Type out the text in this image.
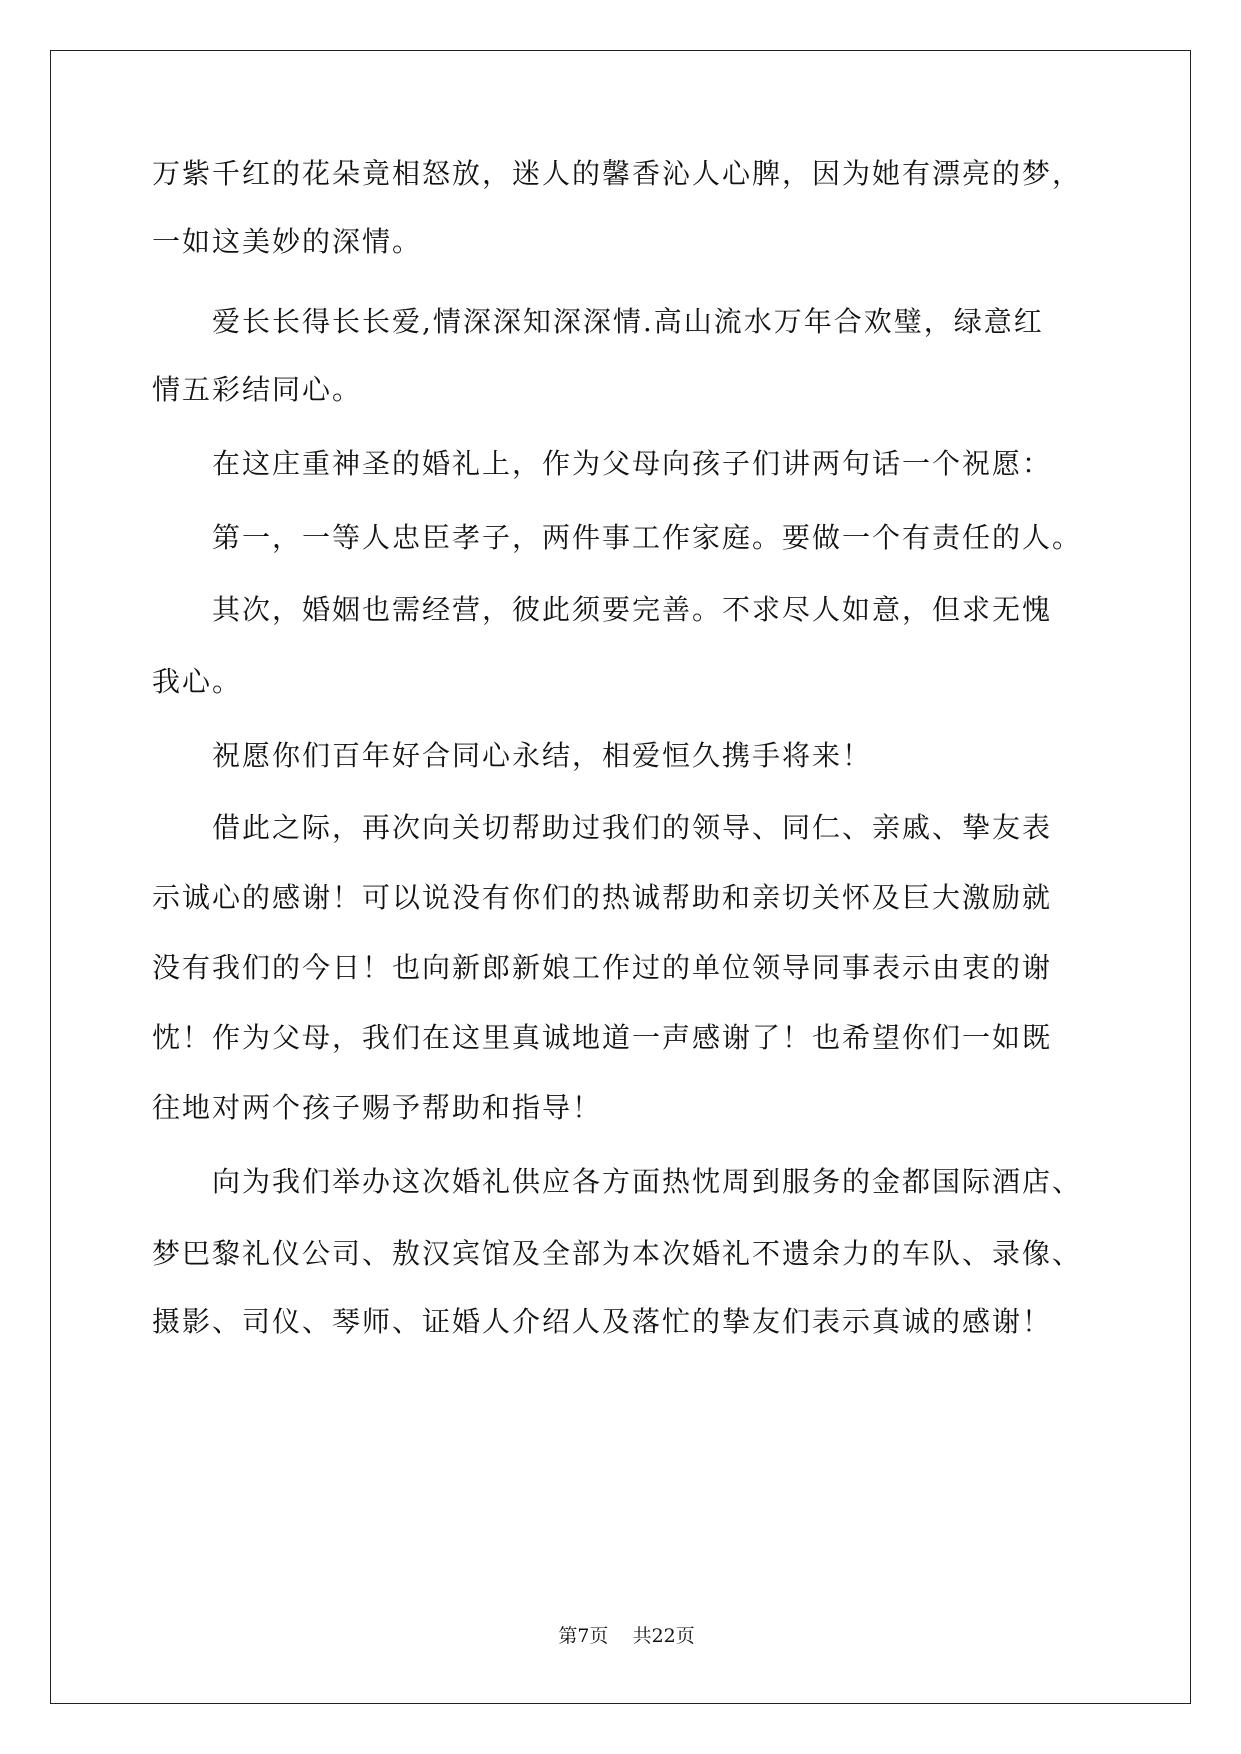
万紫千红的花朵竟相怒放，迷人的馨香沁人心脾，因为她有漂亮的梦，
一如这美妙的深情。
爱长长得长长爱,情深深知深深情.高山流水万年合欢璧，绿意红
情五彩结同心。
在这庄重神圣的婚礼上，作为父母向孩子们讲两句话一个祝愿：
第一，一等人忠臣孝子，两件事工作家庭。要做一个有责任的人。
其次，婚姻也需经营，彼此须要完善。不求尽人如意，但求无愧
我心。
祝愿你们百年好合同心永结，相爱恒久携手将来！
借此之际，再次向关切帮助过我们的领导、同仁、亲戚、挚友表
示诚心的感谢！可以说没有你们的热诚帮助和亲切关怀及巨大激励就
没有我们的今日！也向新郎新娘工作过的单位领导同事表示由衷的谢
忱！作为父母，我们在这里真诚地道一声感谢了！也希望你们一如既
往地对两个孩子赐予帮助和指导！
向为我们举办这次婚礼供应各方面热忱周到服务的金都国际酒店、
梦巴黎礼仪公司、敖汉宾馆及全部为本次婚礼不遗余力的车队、录像、
摄影、司仪、琴师、证婚人介绍人及落忙的挚友们表示真诚的感谢！

第7页 共22页
